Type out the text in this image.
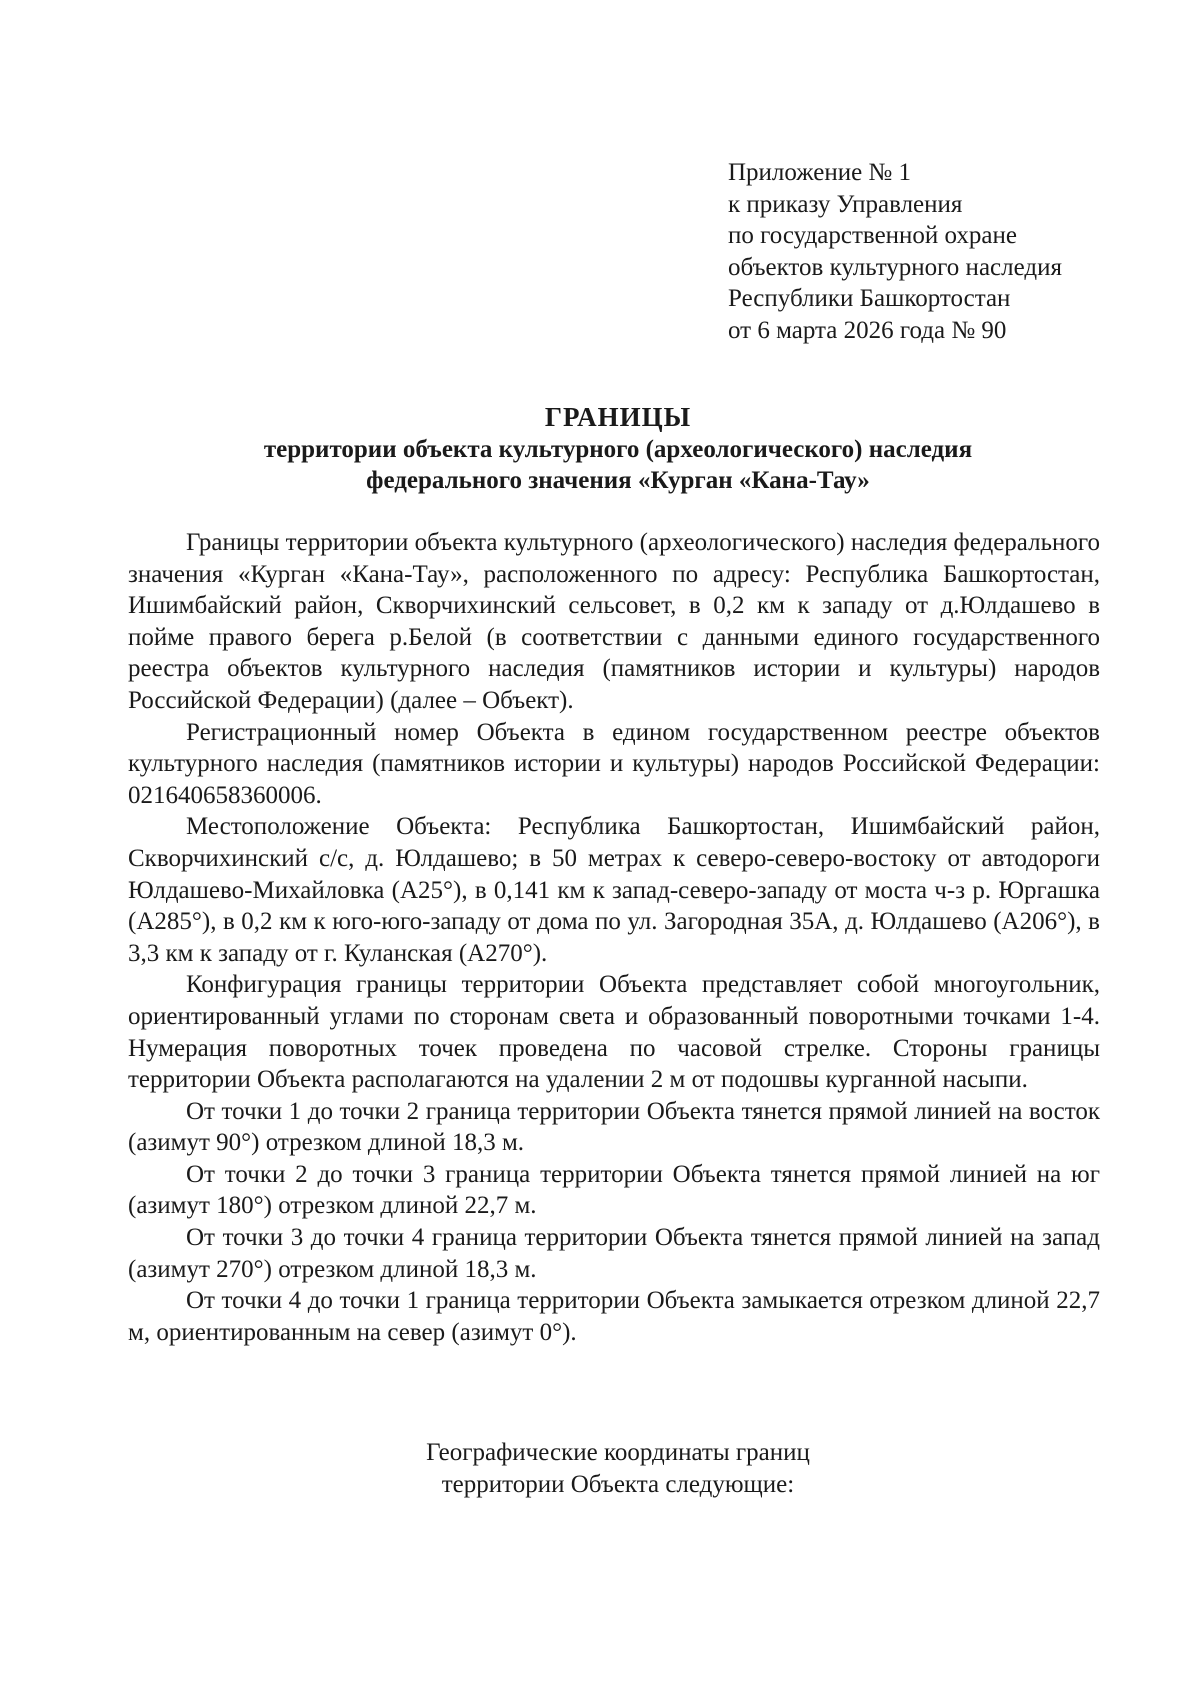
Приложение № 1
к приказу Управления
по государственной охране
объектов культурного наследия
Республики Башкортостан
от 6 марта 2026 года № 90
ГРАНИЦЫ
территории объекта культурного (археологического) наследия
федерального значения «Курган «Кана-Тау»

Границы территории объекта культурного (археологического) наследия федерального значения «Курган «Кана-Тау», расположенного по адресу: Республика Башкортостан, Ишимбайский район, Скворчихинский сельсовет, в 0,2 км к западу от д.Юлдашево в пойме правого берега р.Белой (в соответствии с данными единого государственного реестра объектов культурного наследия (памятников истории и культуры) народов Российской Федерации) (далее – Объект).

Регистрационный номер Объекта в едином государственном реестре объектов культурного наследия (памятников истории и культуры) народов Российской Федерации: 021640658360006.

Местоположение Объекта: Республика Башкортостан, Ишимбайский район, Скворчихинский с/с, д. Юлдашево; в 50 метрах к северо-северо-востоку от автодороги Юлдашево-Михайловка (А25°), в 0,141 км к запад-северо-западу от моста ч-з р. Юргашка (А285°), в 0,2 км к юго-юго-западу от дома по ул. Загородная 35А, д. Юлдашево (А206°), в 3,3 км к западу от г. Куланская (А270°).

Конфигурация границы территории Объекта представляет собой многоугольник, ориентированный углами по сторонам света и образованный поворотными точками 1-4. Нумерация поворотных точек проведена по часовой стрелке. Стороны границы территории Объекта располагаются на удалении 2 м от подошвы курганной насыпи.

От точки 1 до точки 2 граница территории Объекта тянется прямой линией на восток (азимут 90°) отрезком длиной 18,3 м.

От точки 2 до точки 3 граница территории Объекта тянется прямой линией на юг (азимут 180°) отрезком длиной 22,7 м.

От точки 3 до точки 4 граница территории Объекта тянется прямой линией на запад (азимут 270°) отрезком длиной 18,3 м.

От точки 4 до точки 1 граница территории Объекта замыкается отрезком длиной 22,7 м, ориентированным на север (азимут 0°).

Географические координаты границ
территории Объекта следующие:
